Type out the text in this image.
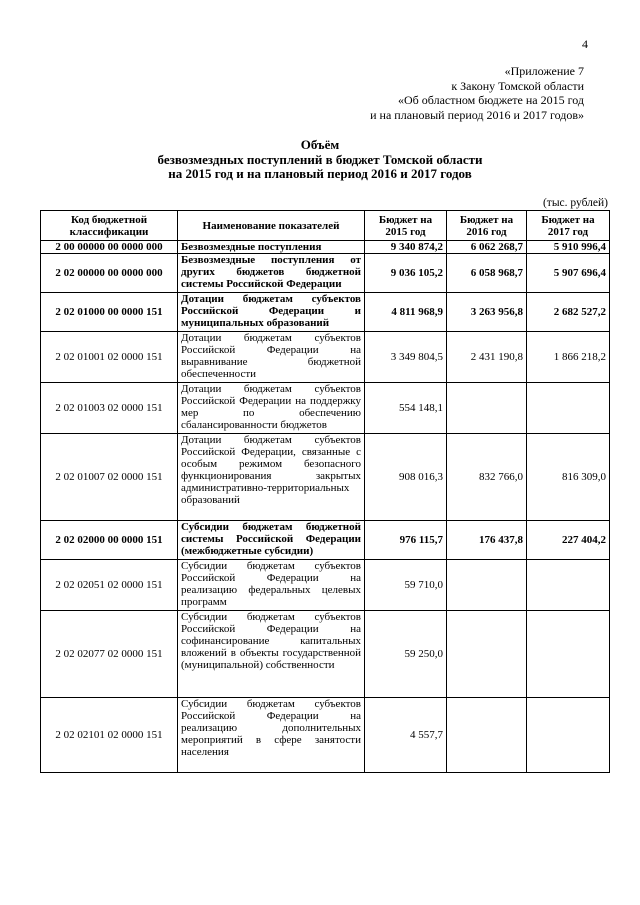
4
«Приложение 7
к Закону Томской области
«Об областном бюджете на 2015 год
и на плановый период 2016 и 2017 годов»
Объём
безвозмездных поступлений в бюджет Томской области
на 2015 год и на плановый период 2016 и 2017 годов
(тыс. рублей)
Код бюджетной классификации	Наименование показателей	Бюджет на 2015 год	Бюджет на 2016 год	Бюджет на 2017 год
2 00 00000 00 0000 000	Безвозмездные поступления	9 340 874,2	6 062 268,7	5 910 996,4
2 02 00000 00 0000 000	Безвозмездные поступления от других бюджетов бюджетной системы Российской Федерации	9 036 105,2	6 058 968,7	5 907 696,4
2 02 01000 00 0000 151	Дотации бюджетам субъектов Российской Федерации и муниципальных образований	4 811 968,9	3 263 956,8	2 682 527,2
2 02 01001 02 0000 151	Дотации бюджетам субъектов Российской Федерации на выравнивание бюджетной обеспеченности	3 349 804,5	2 431 190,8	1 866 218,2
2 02 01003 02 0000 151	Дотации бюджетам субъектов Российской Федерации на поддержку мер по обеспечению сбалансированности бюджетов	554 148,1		
2 02 01007 02 0000 151	Дотации бюджетам субъектов Российской Федерации, связанные с особым режимом безопасного функционирования закрытых административно-территориальных образований	908 016,3	832 766,0	816 309,0
2 02 02000 00 0000 151	Субсидии бюджетам бюджетной системы Российской Федерации (межбюджетные субсидии)	976 115,7	176 437,8	227 404,2
2 02 02051 02 0000 151	Субсидии бюджетам субъектов Российской Федерации на реализацию федеральных целевых программ	59 710,0		
2 02 02077 02 0000 151	Субсидии бюджетам субъектов Российской Федерации на софинансирование капитальных вложений в объекты государственной (муниципальной) собственности	59 250,0		
2 02 02101 02 0000 151	Субсидии бюджетам субъектов Российской Федерации на реализацию дополнительных мероприятий в сфере занятости населения	4 557,7		
